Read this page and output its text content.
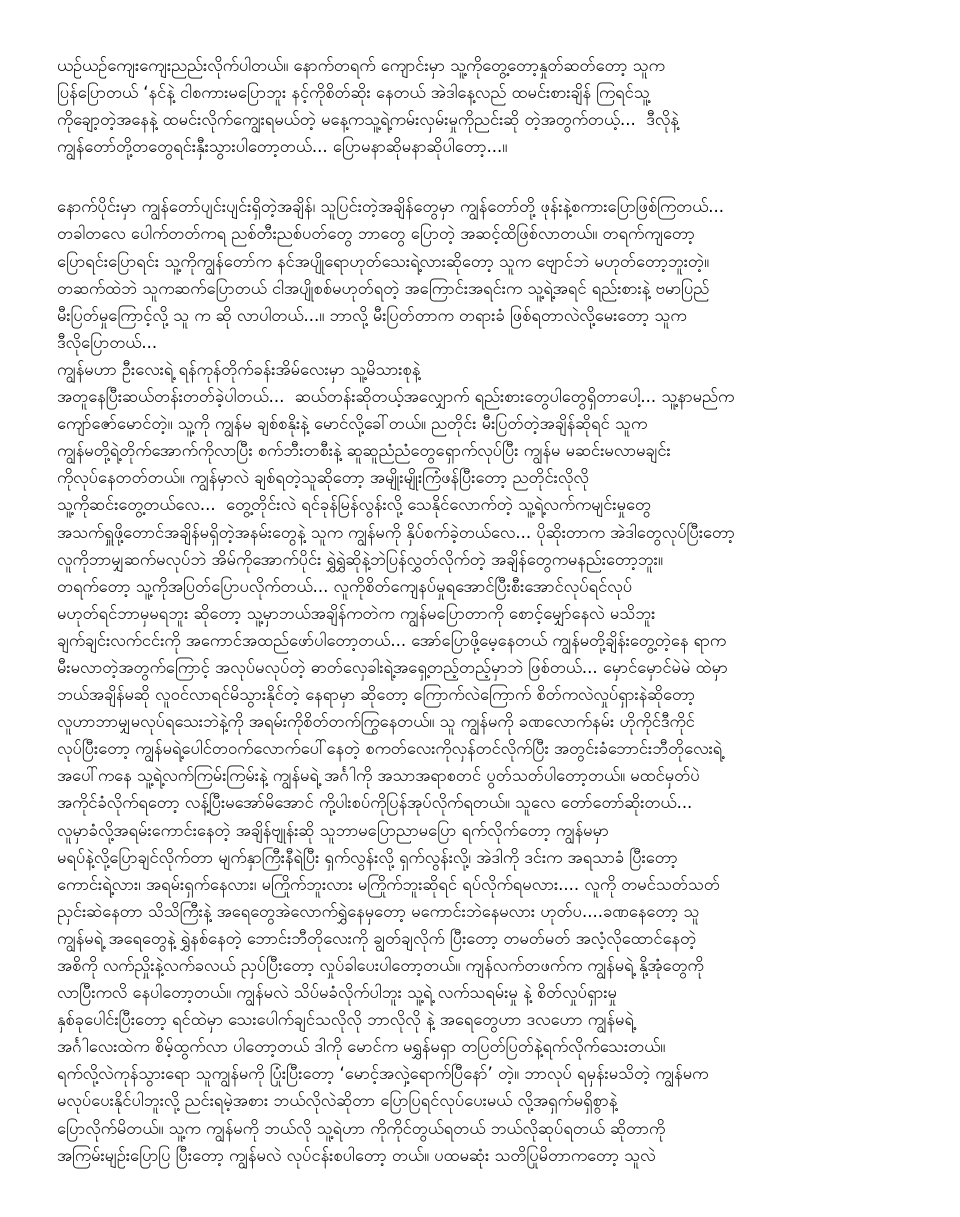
ယဉ်ယဉ်ကျေးကျေးညည်းလိုက်ပါတယ်။ နောက်တရက် ကျောင်းမှာ သူ့ကိုတွေ့တော့နှုတ်ဆတ်တော့ သူက
ပြန်ပြောတယ် ‘နင်နဲ့ ငါစကားမပြောဘူး နင့်ကိုစိတ်ဆိုး နေတယ် အဲဒါနေ့လည် ထမင်းစားချိန် ကြရင်သူ့
ကိုချော့တဲ့အနေနဲ့ ထမင်းလိုက်ကျွေးရမယ်တဲ့ မနေ့ကသူ့ရဲ့ကမ်းလှမ်းမှုကိုညင်းဆို တဲ့အတွက်တယ့်...  ဒီလိုနဲ့
ကျွန်တော်တို့တတွေရင်းနှီးသွားပါတော့တယ်... ပြောမနာဆိုမနာဆိုပါတော့...။
နောက်ပိုင်းမှာ ကျွန်တော်ပျင်းပျင်းရှိတဲ့အချိန်၊ သူပြင်းတဲ့အချိန်တွေမှာ ကျွန်တော်တို့ ဖုန်းနဲ့စကားပြောဖြစ်ကြတယ်...
တခါတလေ ပေါက်တတ်ကရ ညစ်တီးညစ်ပတ်တွေ ဘာတွေ ပြောတဲ့ အဆင့်ထိဖြစ်လာတယ်။ တရက်ကျတော့
ပြောရင်းပြောရင်း သူ့ကိုကျွန်တော်က နင်အပျိုရောဟုတ်သေးရဲ့လားဆိုတော့ သူက ဗျောင်ဘဲ မဟုတ်တော့ဘူးတဲ့။
တဆက်ထဲဘဲ သူကဆက်ပြောတယ် ငါအပျိုစစ်မဟုတ်ရတဲ့ အကြောင်းအရင်းက သူ့ရဲ့အရင် ရည်းစားနဲ့ ဗမာပြည်
မီးပြတ်မှုကြောင့်လို့ သူ က ဆို လာပါတယ်...။ ဘာလို့ မီးပြတ်တာက တရားခံ ဖြစ်ရတာလဲလို့မေးတော့ သူက
ဒီလိုပြောတယ်...
ကျွန်မဟာ ဦးလေးရဲ့ ရန်ကုန်တိုက်ခန်းအိမ်လေးမှာ သူ့မိသားစုနဲ့
အတူနေပြီးဆယ်တန်းတတ်ခဲ့ပါတယ်...  ဆယ်တန်းဆိုတယ့်အလျှောက် ရည်းစားတွေပါတွေရှိတာပေါ့... သူ့နာမည်က
ကျော်ဇော်မောင်တဲ့။ သူ့ကို ကျွန်မ ချစ်စနိုးနဲ့ မောင်လို့ခေါ်တယ်။ ညတိုင်း မီးပြတ်တဲ့အချိန်ဆိုရင် သူက
ကျွန်မတို့ရဲ့တိုက်အောက်ကိုလာပြီး စက်ဘီးတစီးနဲ့ ဆူဆူညံညံတွေရှောက်လုပ်ပြီး ကျွန်မ မဆင်းမလာမချင်း
ကိုလုပ်နေတတ်တယ်။ ကျွန်မှာလဲ ချစ်ရတဲ့သူဆိုတော့ အမျိုးမျိုးကြံဖန်ပြီးတော့ ညတိုင်းလိုလို
သူ့ကိုဆင်းတွေ့တယ်လေ...  တွေ့တိုင်းလဲ ရင်ခုန်မြန်လွန်းလို့ သေနိုင်လောက်တဲ့ သူ့ရဲ့လက်ကမျင်းမှုတွေ
အသက်ရှူဖို့တောင်အချိန်မရှိတဲ့အနမ်းတွေနဲ့ သူက ကျွန်မကို နှိပ်စက်ခဲ့တယ်လေ... ပိုဆိုးတာက အဲဒါတွေလုပ်ပြီးတော့
လူကိုဘာမျှဆက်မလုပ်ဘဲ အိမ်ကိုအောက်ပိုင်း ရွှဲရွှဲဆိုနဲ့ဘဲပြန်လွှတ်လိုက်တဲ့ အချိန်တွေကမနည်းတော့ဘူး။
တရက်တော့ သူ့ကိုအပြတ်ပြောပလိုက်တယ်... လူကိုစိတ်ကျေနပ်မှုရအောင်ပြီးစီးအောင်လုပ်ရင်လုပ်
မဟုတ်ရင်ဘာမှမရဘူး ဆိုတော့ သူ့မှာဘယ်အချိန်ကတဲက ကျွန်မပြောတာကို စောင့်မျှော်နေလဲ မသိဘူး
ချက်ချင်းလက်ငင်းကို အကောင်အထည်ဖော်ပါတော့တယ်... အော်ပြောဖို့မေ့နေတယ် ကျွန်မတို့ချိန်းတွေ့တဲ့နေ ရာက
မီးမလာတဲ့အတွက်ကြောင့် အလုပ်မလုပ်တဲ့ ဓာတ်လှေခါးရဲ့အရှေ့တည့်တည့်မှာဘဲ ဖြစ်တယ်... မှောင်မှောင်မဲမဲ ထဲမှာ
ဘယ်အချိန်မဆို လူဝင်လာရင်မိသွားနိုင်တဲ့ နေရာမှာ ဆိုတော့ ကြောက်လဲကြောက် စိတ်ကလဲလှုပ်ရှားနဲဆိုတော့
လူဟာဘာမျှမလုပ်ရသေးဘဲနဲ့ကို အရမ်းကိုစိတ်တက်ကြွနေတယ်။ သူ ကျွန်မကို ခဏလောက်နမ်း ဟိုကိုင်ဒီကိုင်
လုပ်ပြီးတော့ ကျွန်မရဲ့ပေါင်တဝက်လောက်ပေါ်နေတဲ့ စကတ်လေးကိုလှန်တင်လိုက်ပြီး အတွင်းခံဘောင်းဘီတိုလေးရဲ့
အပေါ်ကနေ သူ့ရဲ့လက်ကြမ်းကြမ်းနဲ့ ကျွန်မရဲ့ အင်္ဂါကို အသာအရာစတင် ပွတ်သတ်ပါတော့တယ်။ မထင်မှတ်ပဲ
အကိုင်ခံလိုက်ရတော့ လန့်ပြီးမအော်မိအောင် ကို့ပါးစပ်ကိုပြန်အုပ်လိုက်ရတယ်။ သူလေ တော်တော်ဆိုးတယ်...
လူမှာခံလို့အရမ်းကောင်းနေတဲ့ အချိန်ဗျုန်းဆို သူဘာမပြောညာမပြော ရက်လိုက်တော့ ကျွန်မမှာ
မရပ်နဲ့လို့ပြောချင်လိုက်တာ မျက်နှာကြီးနီရဲပြီး ရှက်လွန်းလို့ ရှက်လွန်းလို့၊ အဲဒါကို ဒင်းက အရသာခံ ပြီးတော့
ကောင်းရဲ့လား၊ အရမ်းရှက်နေလား၊ မကြိုက်ဘူးလား မကြိုက်ဘူးဆိုရင် ရပ်လိုက်ရမလား.... လူကို တမင်သတ်သတ်
ညှင်းဆဲနေတာ သိသိကြီးနဲ့ အရေတွေအဲလောက်ရွှဲနေမှတော့ မကောင်းဘဲနေမလား ဟုတ်ပ....ခဏနေတော့ သူ
ကျွန်မရဲ့ အရေတွေနဲ့ ရွှဲနစ်နေတဲ့ ဘောင်းဘီတိုလေးကို ချွတ်ချလိုက် ပြီးတော့ တမတ်မတ် အလံ့လိုထောင်နေတဲ့
အစိကို လက်ညှိုးနဲ့လက်ခလယ် ညှပ်ပြီးတော့ လှုပ်ခါပေးပါတော့တယ်။ ကျန်လက်တဖက်က ကျွန်မရဲ့ နို့အုံတွေကို
လာပြီးကလိ နေပါတော့တယ်။ ကျွန်မလဲ သိပ်မခံလိုက်ပါဘူး သူ့ရဲ့ လက်သရမ်းမှု နဲ့ စိတ်လှုပ်ရှားမှု
နှစ်ခုပေါင်းပြီးတော့ ရင်ထဲမှာ သေးပေါက်ချင်သလိုလို ဘာလိုလို နဲ့ အရေတွေဟာ ဒလဟော ကျွန်မရဲ့
အင်္ဂါလေးထဲက စိမ့်ထွက်လာ ပါတော့တယ် ဒါကို မောင်က မရွှန်မရှာ တပြတ်ပြတ်နဲ့ရက်လိုက်သေးတယ်။
ရက်လို့လဲကုန်သွားရော သူကျွန်မကို ပြုံးပြီးတော့ ‘မောင့်အလှဲ့ရောက်ပြီနော်’ တဲ့။ ဘာလုပ် ရမှန်းမသိတဲ့ ကျွန်မက
မလုပ်ပေးနိုင်ပါဘူးလို့ ညင်းရမဲ့အစား ဘယ်လိုလဲဆိုတာ ပြောပြရင်လုပ်ပေးမယ် လို့အရှက်မရှိစွာနဲ့
ပြောလိုက်မိတယ်။ သူ့က ကျွန်မကို ဘယ်လို သူ့ရဲဟာ ကိုကိုင်တွယ်ရတယ် ဘယ်လိုဆုပ်ရတယ် ဆိုတာကို
အကြမ်းမျဉ်းပြောပြ ပြီးတော့ ကျွန်မလဲ လုပ်ငန်းစပါတော့ တယ်။ ပထမဆုံး သတိပြုမိတာကတော့ သူလဲ
